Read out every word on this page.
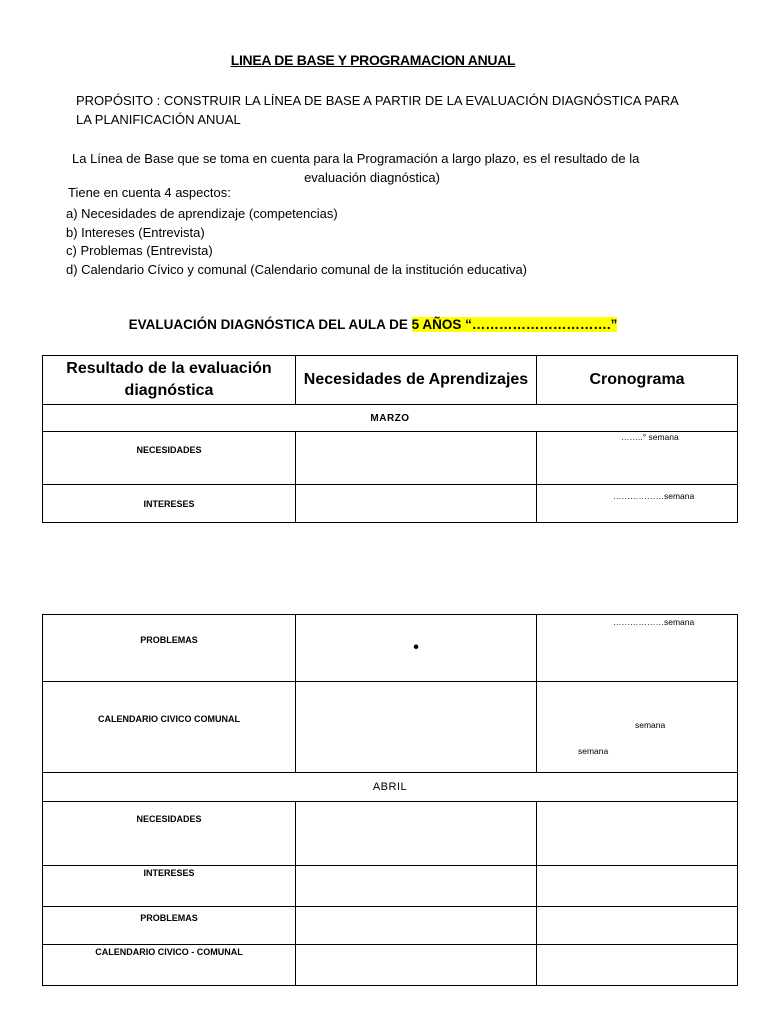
LINEA DE BASE Y PROGRAMACION ANUAL
PROPÓSITO : CONSTRUIR LA LÍNEA DE BASE A PARTIR DE LA EVALUACIÓN DIAGNÓSTICA PARA
LA PLANIFICACIÓN ANUAL
La Línea de Base que se toma en cuenta para la Programación a largo plazo, es el resultado de la
evaluación diagnóstica)
Tiene en cuenta 4 aspectos:
a) Necesidades de aprendizaje (competencias)
b) Intereses (Entrevista)
c) Problemas (Entrevista)
d) Calendario Cívico y comunal (Calendario comunal de la institución educativa)
EVALUACIÓN DIAGNÓSTICA DEL AULA DE 5 AÑOS “………………………….”
Resultado de la evaluación diagnóstica	Necesidades de Aprendizajes	Cronograma
MARZO		
NECESIDADES		……..° semana

INTERESES		………………semana
PROBLEMAS	•	………………semana

CALENDARIO CIVICO COMUNAL		semana
semana

ABRIL		
NECESIDADES		
INTERESES		
PROBLEMAS		
CALENDARIO CIVICO - COMUNAL		
